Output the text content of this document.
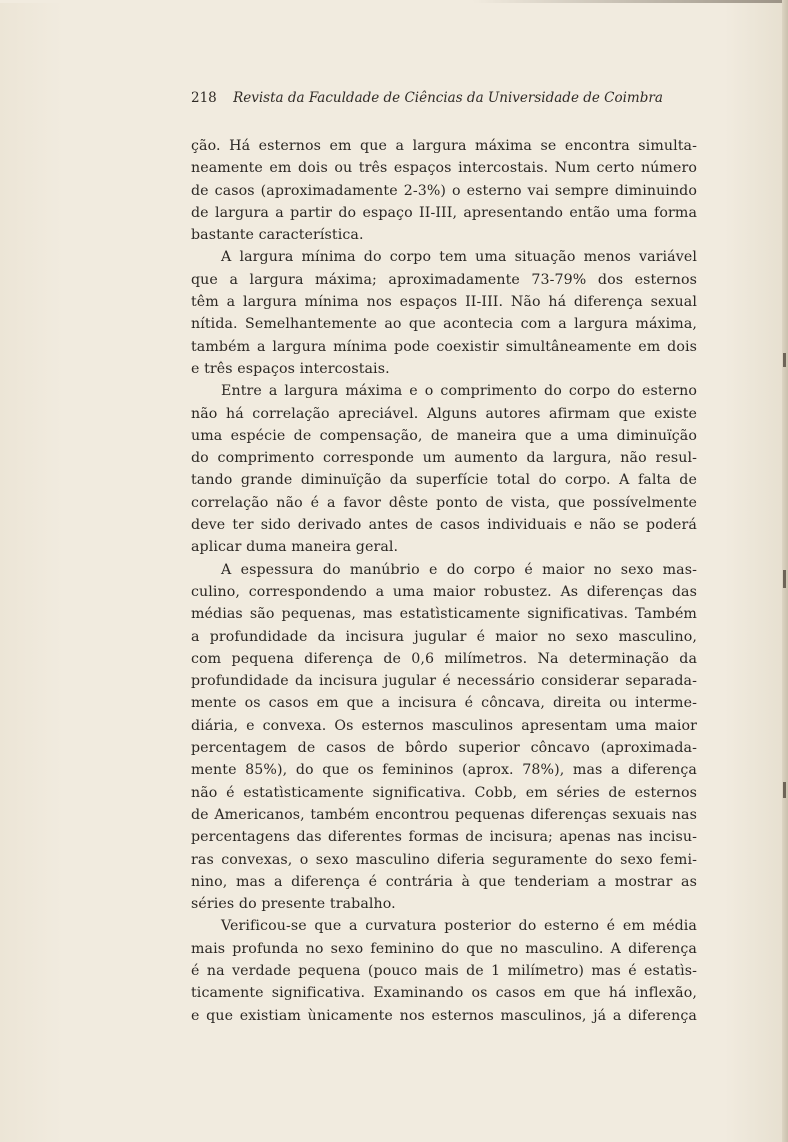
218 Revista da Faculdade de Ciências da Universidade de Coimbra
ção. Há esternos em que a largura máxima se encontra simulta-
neamente em dois ou três espaços intercostais. Num certo número
de casos (aproximadamente 2-3%) o esterno vai sempre diminuindo
de largura a partir do espaço II-III, apresentando então uma forma
bastante característica.
A largura mínima do corpo tem uma situação menos variável
que a largura máxima; aproximadamente 73-79% dos esternos
têm a largura mínima nos espaços II-III. Não há diferença sexual
nítida. Semelhantemente ao que acontecia com a largura máxima,
também a largura mínima pode coexistir simultâneamente em dois
e três espaços intercostais.
Entre a largura máxima e o comprimento do corpo do esterno
não há correlação apreciável. Alguns autores afirmam que existe
uma espécie de compensação, de maneira que a uma diminuïção
do comprimento corresponde um aumento da largura, não resul-
tando grande diminuïção da superfície total do corpo. A falta de
correlação não é a favor dêste ponto de vista, que possívelmente
deve ter sido derivado antes de casos individuais e não se poderá
aplicar duma maneira geral.
A espessura do manúbrio e do corpo é maior no sexo mas-
culino, correspondendo a uma maior robustez. As diferenças das
médias são pequenas, mas estatìsticamente significativas. Também
a profundidade da incisura jugular é maior no sexo masculino,
com pequena diferença de 0,6 milímetros. Na determinação da
profundidade da incisura jugular é necessário considerar separada-
mente os casos em que a incisura é côncava, direita ou interme-
diária, e convexa. Os esternos masculinos apresentam uma maior
percentagem de casos de bôrdo superior côncavo (aproximada-
mente 85%), do que os femininos (aprox. 78%), mas a diferença
não é estatìsticamente significativa. Cobb, em séries de esternos
de Americanos, também encontrou pequenas diferenças sexuais nas
percentagens das diferentes formas de incisura; apenas nas incisu-
ras convexas, o sexo masculino diferia seguramente do sexo femi-
nino, mas a diferença é contrária à que tenderiam a mostrar as
séries do presente trabalho.
Verificou-se que a curvatura posterior do esterno é em média
mais profunda no sexo feminino do que no masculino. A diferença
é na verdade pequena (pouco mais de 1 milímetro) mas é estatìs-
ticamente significativa. Examinando os casos em que há inflexão,
e que existiam ùnicamente nos esternos masculinos, já a diferença
